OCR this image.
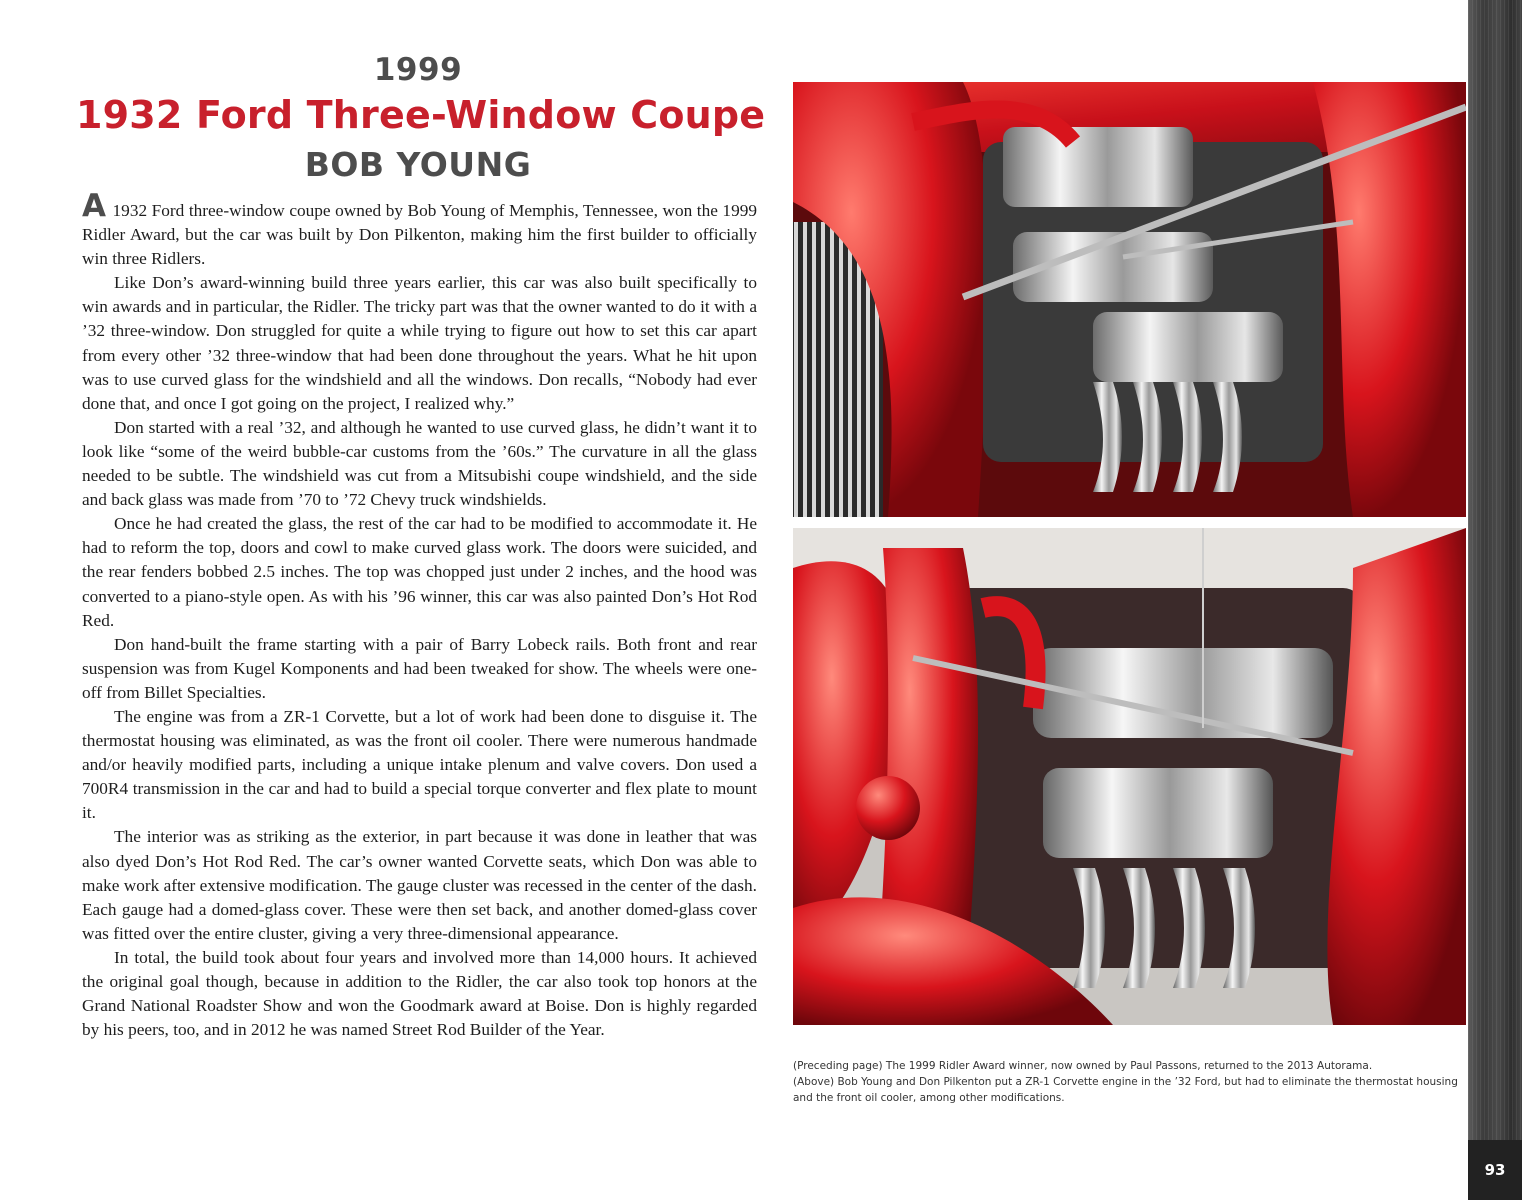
1999
1932 Ford Three-Window Coupe
BOB YOUNG

A 1932 Ford three-window coupe owned by Bob Young of Memphis, Tennessee, won the 1999 Ridler Award, but the car was built by Don Pilkenton, making him the first builder to officially win three Ridlers.

Like Don’s award-winning build three years earlier, this car was also built specifically to win awards and in particular, the Ridler. The tricky part was that the owner wanted to do it with a ’32 three-window. Don struggled for quite a while trying to figure out how to set this car apart from every other ’32 three-window that had been done throughout the years. What he hit upon was to use curved glass for the windshield and all the windows. Don recalls, “Nobody had ever done that, and once I got going on the project, I realized why.”

Don started with a real ’32, and although he wanted to use curved glass, he didn’t want it to look like “some of the weird bubble-car customs from the ’60s.” The curvature in all the glass needed to be subtle. The windshield was cut from a Mitsubishi coupe windshield, and the side and back glass was made from ’70 to ’72 Chevy truck windshields.

Once he had created the glass, the rest of the car had to be modified to accommodate it. He had to reform the top, doors and cowl to make curved glass work. The doors were suicided, and the rear fenders bobbed 2.5 inches. The top was chopped just under 2 inches, and the hood was converted to a piano-style open. As with his ’96 winner, this car was also painted Don’s Hot Rod Red.

Don hand-built the frame starting with a pair of Barry Lobeck rails. Both front and rear suspension was from Kugel Komponents and had been tweaked for show. The wheels were one-off from Billet Specialties.

The engine was from a ZR-1 Corvette, but a lot of work had been done to disguise it. The thermostat housing was eliminated, as was the front oil cooler. There were numerous handmade and/or heavily modified parts, including a unique intake plenum and valve covers. Don used a 700R4 transmission in the car and had to build a special torque converter and flex plate to mount it.

The interior was as striking as the exterior, in part because it was done in leather that was also dyed Don’s Hot Rod Red. The car’s owner wanted Corvette seats, which Don was able to make work after extensive modification. The gauge cluster was recessed in the center of the dash. Each gauge had a domed-glass cover. These were then set back, and another domed-glass cover was fitted over the entire cluster, giving a very three-dimensional appearance.

In total, the build took about four years and involved more than 14,000 hours. It achieved the original goal though, because in addition to the Ridler, the car also took top honors at the Grand National Roadster Show and won the Goodmark award at Boise. Don is highly regarded by his peers, too, and in 2012 he was named Street Rod Builder of the Year.

(Preceding page) The 1999 Ridler Award winner, now owned by Paul Passons, returned to the 2013 Autorama.

(Above) Bob Young and Don Pilkenton put a ZR-1 Corvette engine in the ’32 Ford, but had to eliminate the thermostat housing and the front oil cooler, among other modifications.

93
